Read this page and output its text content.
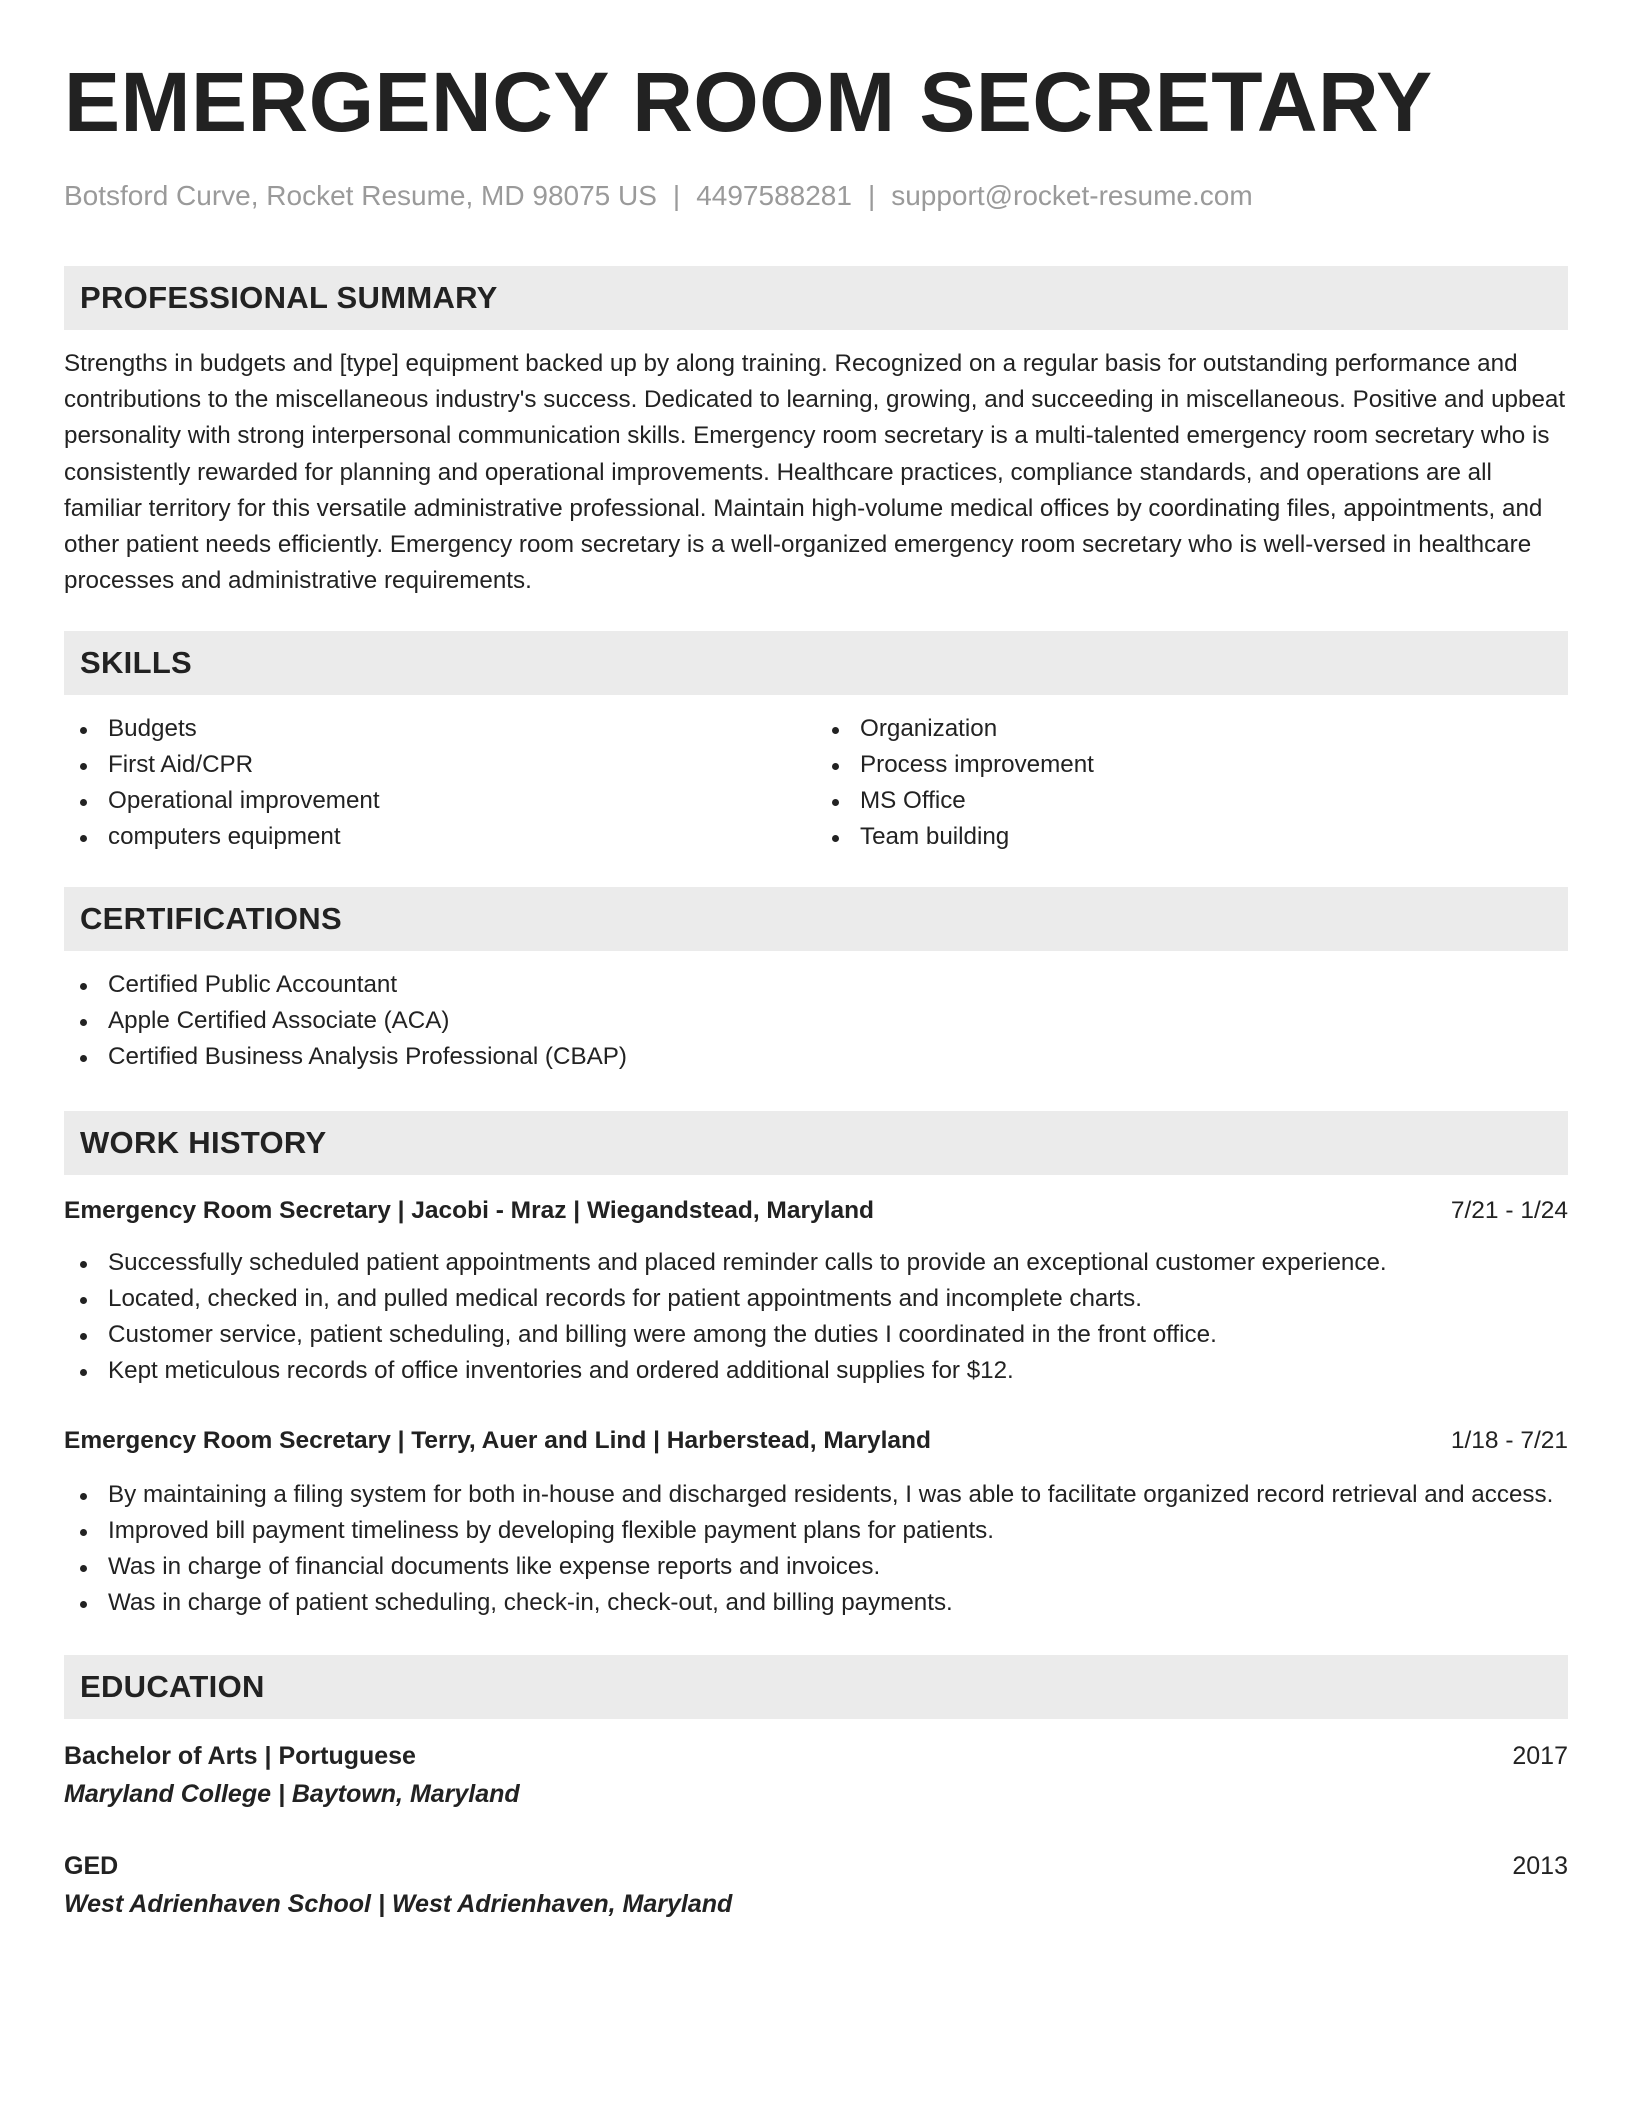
EMERGENCY ROOM SECRETARY
Botsford Curve, Rocket Resume, MD 98075 US | 4497588281 | support@rocket-resume.com
PROFESSIONAL SUMMARY

Strengths in budgets and [type] equipment backed up by along training. Recognized on a regular basis for outstanding performance and contributions to the miscellaneous industry's success. Dedicated to learning, growing, and succeeding in miscellaneous. Positive and upbeat personality with strong interpersonal communication skills. Emergency room secretary is a multi-talented emergency room secretary who is consistently rewarded for planning and operational improvements. Healthcare practices, compliance standards, and operations are all familiar territory for this versatile administrative professional. Maintain high-volume medical offices by coordinating files, appointments, and other patient needs efficiently. Emergency room secretary is a well-organized emergency room secretary who is well-versed in healthcare processes and administrative requirements.

SKILLS
Budgets
First Aid/CPR
Operational improvement
computers equipment
Organization
Process improvement
MS Office
Team building
CERTIFICATIONS
Certified Public Accountant
Apple Certified Associate (ACA)
Certified Business Analysis Professional (CBAP)
WORK HISTORY
Emergency Room Secretary | Jacobi - Mraz | Wiegandstead, Maryland	7/21 - 1/24
Successfully scheduled patient appointments and placed reminder calls to provide an exceptional customer experience.
Located, checked in, and pulled medical records for patient appointments and incomplete charts.
Customer service, patient scheduling, and billing were among the duties I coordinated in the front office.
Kept meticulous records of office inventories and ordered additional supplies for $12.
Emergency Room Secretary | Terry, Auer and Lind | Harberstead, Maryland	1/18 - 7/21
By maintaining a filing system for both in-house and discharged residents, I was able to facilitate organized record retrieval and access.
Improved bill payment timeliness by developing flexible payment plans for patients.
Was in charge of financial documents like expense reports and invoices.
Was in charge of patient scheduling, check-in, check-out, and billing payments.
EDUCATION
Bachelor of Arts | Portuguese	2017
Maryland College | Baytown, Maryland
GED	2013
West Adrienhaven School | West Adrienhaven, Maryland
